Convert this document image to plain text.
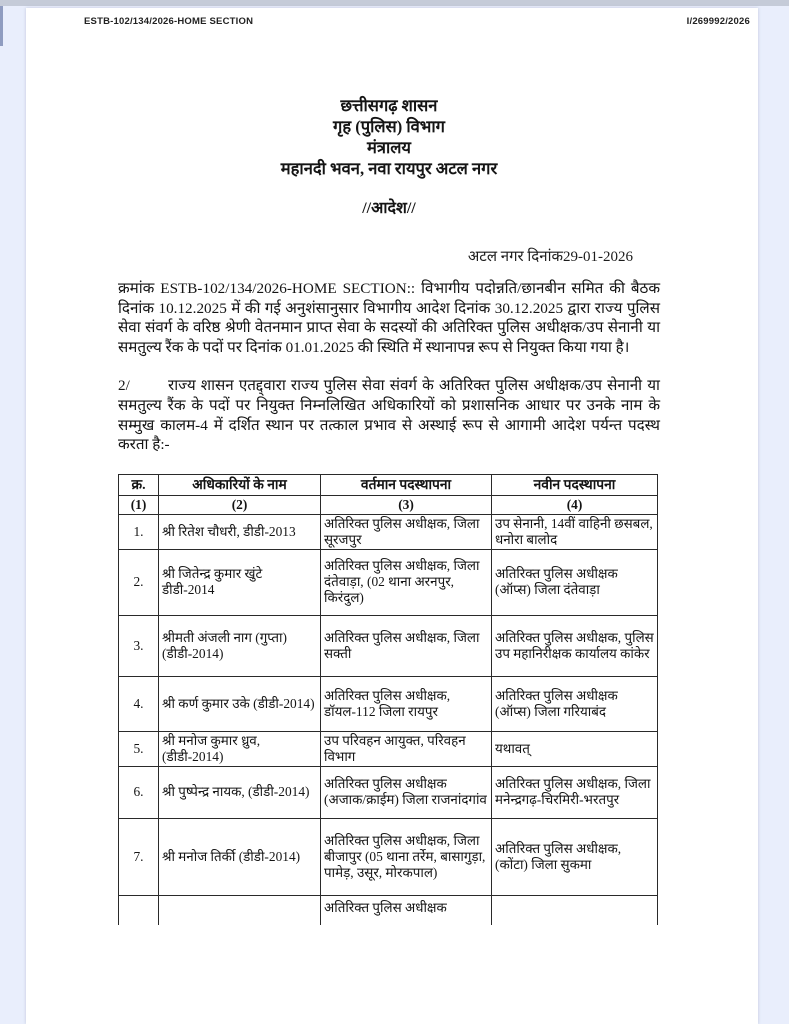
ESTB-102/134/2026-HOME SECTION	I/269992/2026
छत्तीसगढ़ शासन
गृह (पुलिस) विभाग
मंत्रालय
महानदी भवन, नवा रायपुर अटल नगर
//आदेश//
अटल नगर दिनांक29-01-2026

क्रमांक ESTB-102/134/2026-HOME SECTION:: विभागीय पदोन्नति/छानबीन समित की बैठक दिनांक 10.12.2025 में की गई अनुशंसानुसार विभागीय आदेश दिनांक 30.12.2025 द्वारा राज्य पुलिस सेवा संवर्ग के वरिष्ठ श्रेणी वेतनमान प्राप्त सेवा के सदस्यों की अतिरिक्त पुलिस अधीक्षक/उप सेनानी या समतुल्य रैंक के पदों पर दिनांक 01.01.2025 की स्थिति में स्थानापन्न रूप से नियुक्त किया गया है।

2/	राज्य शासन एतद्द्वारा राज्य पुलिस सेवा संवर्ग के अतिरिक्त पुलिस अधीक्षक/उप सेनानी या समतुल्य रैंक के पदों पर नियुक्त निम्नलिखित अधिकारियों को प्रशासनिक आधार पर उनके नाम के सम्मुख कालम-4 में दर्शित स्थान पर तत्काल प्रभाव से अस्थाई रूप से आगामी आदेश पर्यन्त पदस्थ करता है:-

क्र.	अधिकारियों के नाम	वर्तमान पदस्थापना	नवीन पदस्थापना
(1)	(2)	(3)	(4)
1.	श्री रितेश चौधरी, डीडी-2013	अतिरिक्त पुलिस अधीक्षक, जिला सूरजपुर	उप सेनानी, 14वीं वाहिनी छसबल, धनोरा बालोद
2.	श्री जितेन्द्र कुमार खुंटे डीडी-2014	अतिरिक्त पुलिस अधीक्षक, जिला दंतेवाड़ा, (02 थाना अरनपुर, किरंदुल)	अतिरिक्त पुलिस अधीक्षक (ऑप्स) जिला दंतेवाड़ा
3.	श्रीमती अंजली नाग (गुप्ता) (डीडी-2014)	अतिरिक्त पुलिस अधीक्षक, जिला सक्ती	अतिरिक्त पुलिस अधीक्षक, पुलिस उप महानिरीक्षक कार्यालय कांकेर
4.	श्री कर्ण कुमार उके (डीडी-2014)	अतिरिक्त पुलिस अधीक्षक, डॉयल-112 जिला रायपुर	अतिरिक्त पुलिस अधीक्षक (ऑप्स) जिला गरियाबंद
5.	श्री मनोज कुमार ध्रुव, (डीडी-2014)	उप परिवहन आयुक्त, परिवहन विभाग	यथावत्
6.	श्री पुष्पेन्द्र नायक, (डीडी-2014)	अतिरिक्त पुलिस अधीक्षक (अजाक/क्राईम) जिला राजनांदगांव	अतिरिक्त पुलिस अधीक्षक, जिला मनेन्द्रगढ़-चिरमिरी-भरतपुर
7.	श्री मनोज तिर्की (डीडी-2014)	अतिरिक्त पुलिस अधीक्षक, जिला बीजापुर (05 थाना तर्रेम, बासागुड़ा, पामेड़, उसूर, मोरकपाल)	अतिरिक्त पुलिस अधीक्षक, (कोंटा) जिला सुकमा
		अतिरिक्त पुलिस अधीक्षक	
